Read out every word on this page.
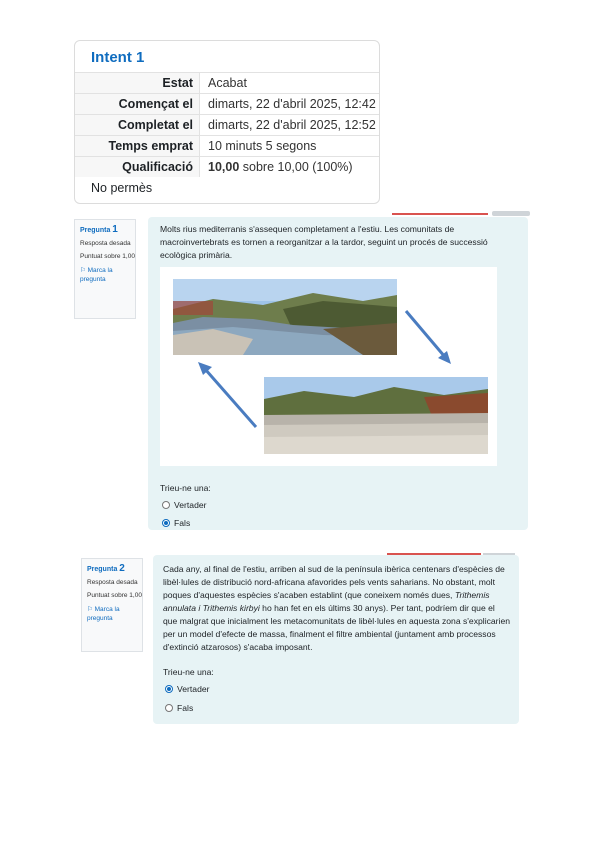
Intent 1
Estat	Acabat
Començat el	dimarts, 22 d'abril 2025, 12:42
Completat el	dimarts, 22 d'abril 2025, 12:52
Temps emprat	10 minuts 5 segons
Qualificació	10,00 sobre 10,00 (100%)
No permès
Pregunta 1
Resposta desada
Puntuat sobre 1,00
⚐ Marca la pregunta
Molts rius mediterranis s'assequen completament a l'estiu. Les comunitats de macroinvertebrats es tornen a reorganitzar a la tardor, seguint un procés de successió ecològica primària.
Trieu-ne una:
Vertader
Fals
Pregunta 2
Resposta desada
Puntuat sobre 1,00
⚐ Marca la pregunta
Cada any, al final de l'estiu, arriben al sud de la península ibèrica centenars d'espècies de libèl·lules de distribució nord-africana afavorides pels vents saharians. No obstant, molt poques d'aquestes espècies s'acaben establint (que coneixem només dues, Trithemis annulata i Trithemis kirbyi ho han fet en els últims 30 anys). Per tant, podríem dir que el que malgrat que inicialment les metacomunitats de libèl·lules en aquesta zona s'explicarien per un model d'efecte de massa, finalment el filtre ambiental (juntament amb processos d'extinció atzarosos) s'acaba imposant.
Trieu-ne una:
Vertader
Fals
